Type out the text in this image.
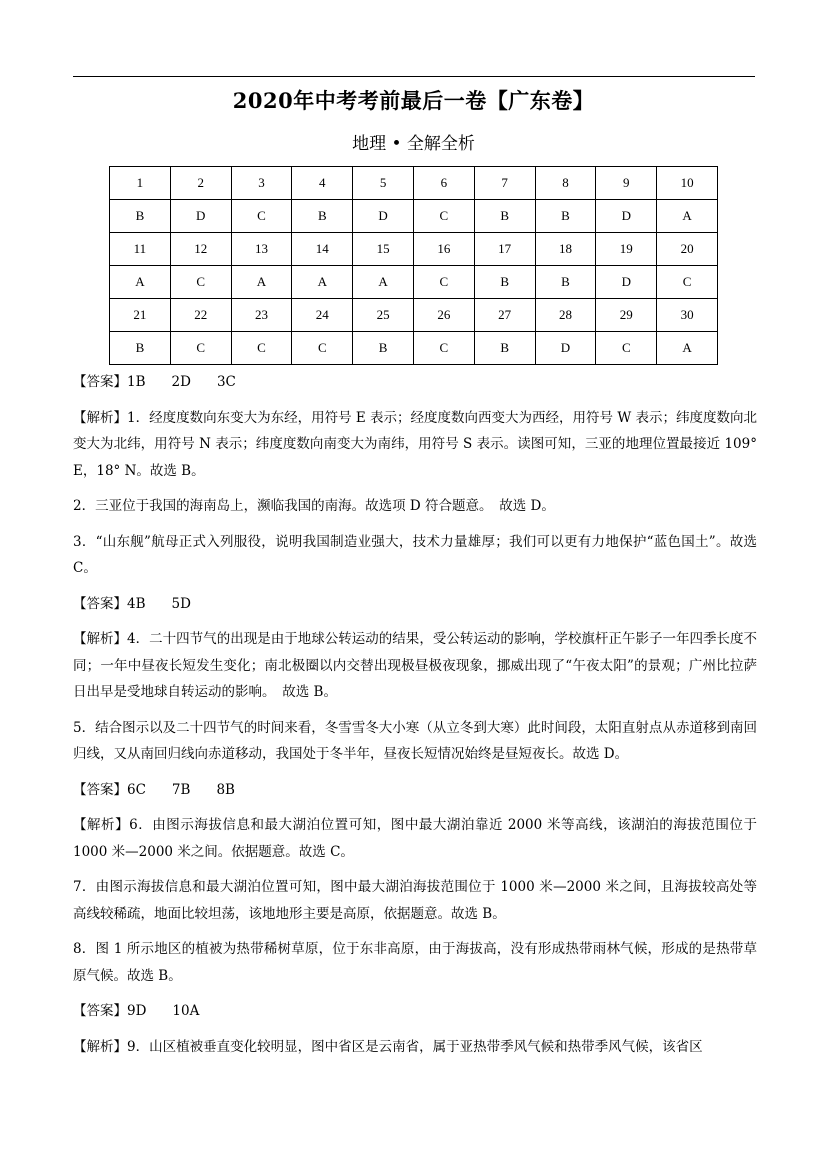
2020年中考考前最后一卷【广东卷】
地理 • 全解全析
1	2	3	4	5	6	7	8	9	10
B	D	C	B	D	C	B	B	D	A
11	12	13	14	15	16	17	18	19	20
A	C	A	A	A	C	B	B	D	C
21	22	23	24	25	26	27	28	29	30
B	C	C	C	B	C	B	D	C	A

【答案】1B 2D 3C

【解析】1．经度度数向东变大为东经，用符号 E 表示；经度度数向西变大为西经，用符号 W 表示；纬度度数向北变大为北纬，用符号 N 表示；纬度度数向南变大为南纬，用符号 S 表示。读图可知，三亚的地理位置最接近 109° E，18° N。故选 B。

2．三亚位于我国的海南岛上，濒临我国的南海。故选项 D 符合题意。　故选 D。

3．“山东舰”航母正式入列服役，说明我国制造业强大，技术力量雄厚；我们可以更有力地保护“蓝色国土”。故选 C。

【答案】4B 5D

【解析】4．二十四节气的出现是由于地球公转运动的结果，受公转运动的影响，学校旗杆正午影子一年四季长度不同；一年中昼夜长短发生变化；南北极圈以内交替出现极昼极夜现象，挪威出现了“午夜太阳”的景观；广州比拉萨日出早是受地球自转运动的影响。　故选 B。

5．结合图示以及二十四节气的时间来看，冬雪雪冬大小寒（从立冬到大寒）此时间段，太阳直射点从赤道移到南回归线，又从南回归线向赤道移动，我国处于冬半年，昼夜长短情况始终是昼短夜长。故选 D。

【答案】6C 7B 8B

【解析】6．由图示海拔信息和最大湖泊位置可知，图中最大湖泊靠近 2000 米等高线，该湖泊的海拔范围位于 1000 米—2000 米之间。依据题意。故选 C。

7．由图示海拔信息和最大湖泊位置可知，图中最大湖泊海拔范围位于 1000 米—2000 米之间，且海拔较高处等高线较稀疏，地面比较坦荡，该地地形主要是高原，依据题意。故选 B。

8．图 1 所示地区的植被为热带稀树草原，位于东非高原，由于海拔高，没有形成热带雨林气候，形成的是热带草原气候。故选 B。

【答案】9D 10A

【解析】9．山区植被垂直变化较明显，图中省区是云南省，属于亚热带季风气候和热带季风气候，该省区
